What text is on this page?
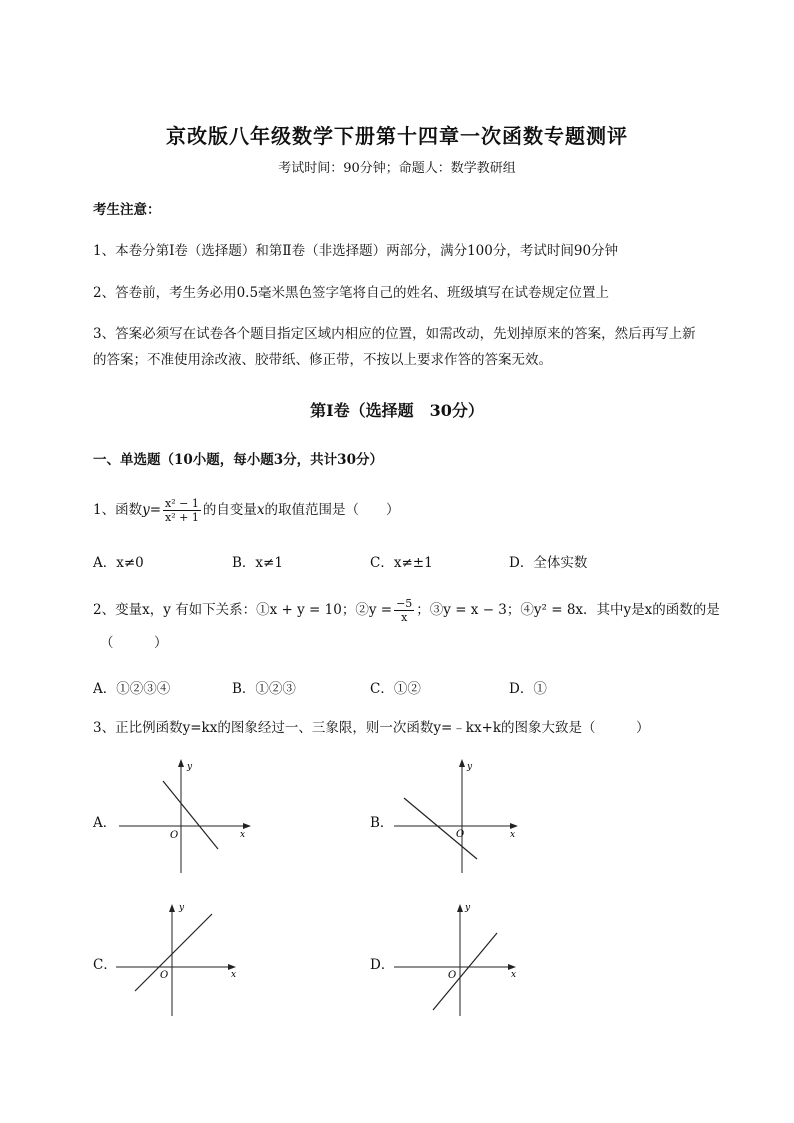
京改版八年级数学下册第十四章一次函数专题测评
考试时间：90分钟；命题人：数学教研组
考生注意：
1、本卷分第I卷（选择题）和第Ⅱ卷（非选择题）两部分，满分100分，考试时间90分钟
2、答卷前，考生务必用0.5毫米黑色签字笔将自己的姓名、班级填写在试卷规定位置上
3、答案必须写在试卷各个题目指定区域内相应的位置，如需改动，先划掉原来的答案，然后再写上新
的答案；不准使用涂改液、胶带纸、修正带，不按以上要求作答的答案无效。
第I卷（选择题　30分）
一、单选题（10小题，每小题3分，共计30分）
1、函数$y= \frac{\text{x² − 1}}{\text{x² + 1}}$ 的自变量x的取值范围是（　　）
A．x≠0	B．x≠1	C．x≠±1	D．全体实数
2、变量x，y 有如下关系：①x + y = 10；②y = $\frac{-5}{x}$ ；③y = x − 3；④y² = 8x．其中y是x的函数的是
（　　　）
A．①②③④	B．①②③	C．①②	D．①
3、正比例函数y=kx的图象经过一、三象限，则一次函数y=﹣kx+k的图象大致是（　　　）
A．	B．
C．	D．
x
y
O	x
y
O
x
y
O	x
y
O
